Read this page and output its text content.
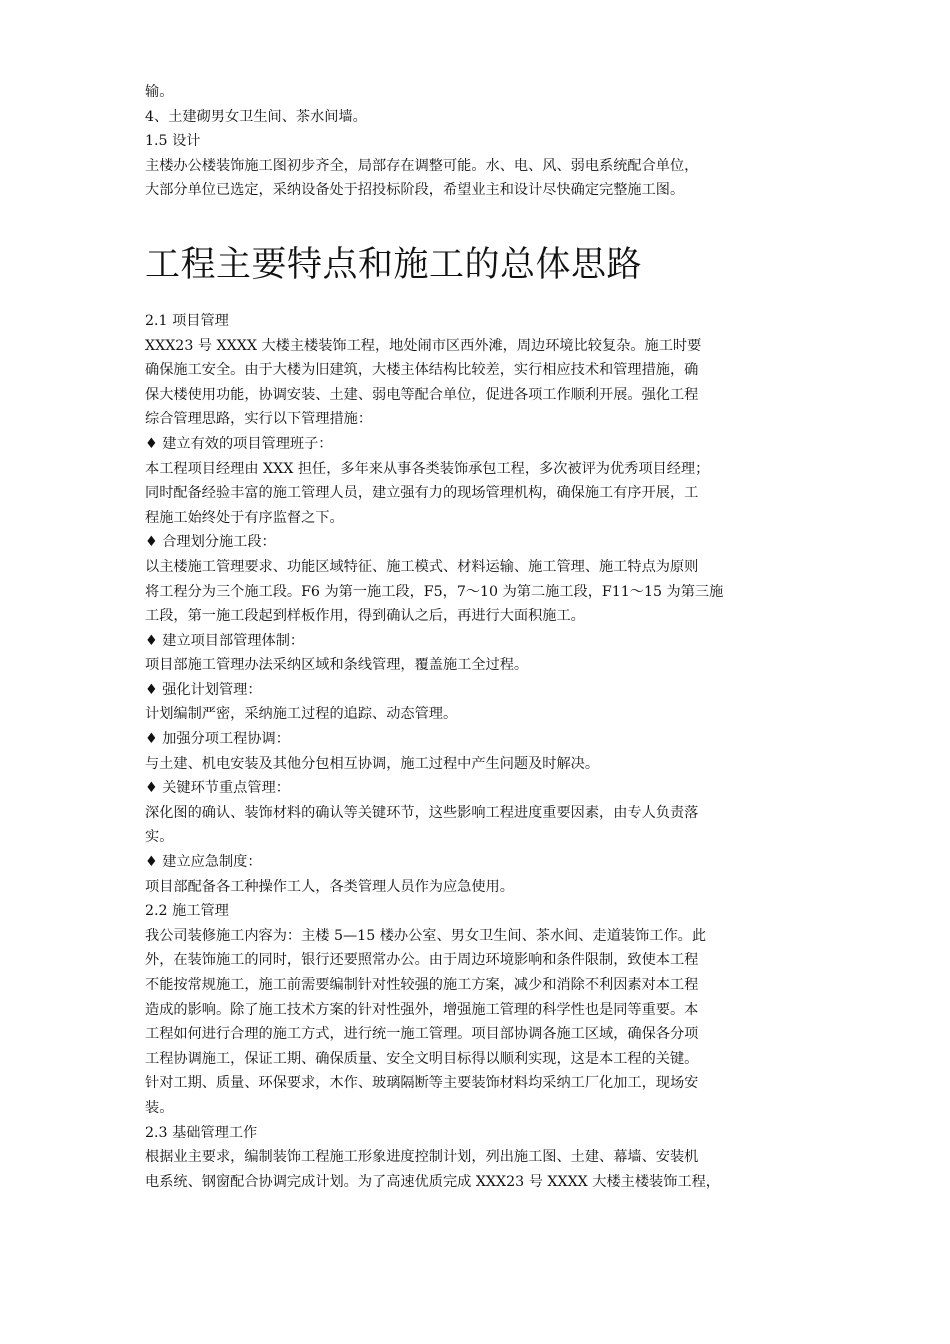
输。
4、土建砌男女卫生间、茶水间墙。
1.5 设计
主楼办公楼装饰施工图初步齐全，局部存在调整可能。水、电、风、弱电系统配合单位，
大部分单位已选定，采纳设备处于招投标阶段，希望业主和设计尽快确定完整施工图。
工程主要特点和施工的总体思路
2.1 项目管理
XXX23 号 XXXX 大楼主楼装饰工程，地处闹市区西外滩，周边环境比较复杂。施工时要
确保施工安全。由于大楼为旧建筑，大楼主体结构比较差，实行相应技术和管理措施，确
保大楼使用功能，协调安装、土建、弱电等配合单位，促进各项工作顺利开展。强化工程
综合管理思路，实行以下管理措施：
♦ 建立有效的项目管理班子：
本工程项目经理由 XXX 担任，多年来从事各类装饰承包工程，多次被评为优秀项目经理；
同时配备经验丰富的施工管理人员，建立强有力的现场管理机构，确保施工有序开展，工
程施工始终处于有序监督之下。
♦ 合理划分施工段：
以主楼施工管理要求、功能区域特征、施工模式、材料运输、施工管理、施工特点为原则
将工程分为三个施工段。F6 为第一施工段，F5，7～10 为第二施工段，F11～15 为第三施
工段，第一施工段起到样板作用，得到确认之后，再进行大面积施工。
♦ 建立项目部管理体制：
项目部施工管理办法采纳区域和条线管理，覆盖施工全过程。
♦ 强化计划管理：
计划编制严密，采纳施工过程的追踪、动态管理。
♦ 加强分项工程协调：
与土建、机电安装及其他分包相互协调，施工过程中产生问题及时解决。
♦ 关键环节重点管理：
深化图的确认、装饰材料的确认等关键环节，这些影响工程进度重要因素，由专人负责落
实。
♦ 建立应急制度：
项目部配备各工种操作工人，各类管理人员作为应急使用。
2.2 施工管理
我公司装修施工内容为：主楼 5—15 楼办公室、男女卫生间、茶水间、走道装饰工作。此
外，在装饰施工的同时，银行还要照常办公。由于周边环境影响和条件限制，致使本工程
不能按常规施工，施工前需要编制针对性较强的施工方案，减少和消除不利因素对本工程
造成的影响。除了施工技术方案的针对性强外，增强施工管理的科学性也是同等重要。本
工程如何进行合理的施工方式，进行统一施工管理。项目部协调各施工区域，确保各分项
工程协调施工，保证工期、确保质量、安全文明目标得以顺利实现，这是本工程的关键。
针对工期、质量、环保要求，木作、玻璃隔断等主要装饰材料均采纳工厂化加工，现场安
装。
2.3 基础管理工作
根据业主要求，编制装饰工程施工形象进度控制计划，列出施工图、土建、幕墙、安装机
电系统、钢窗配合协调完成计划。为了高速优质完成 XXX23 号 XXXX 大楼主楼装饰工程，
